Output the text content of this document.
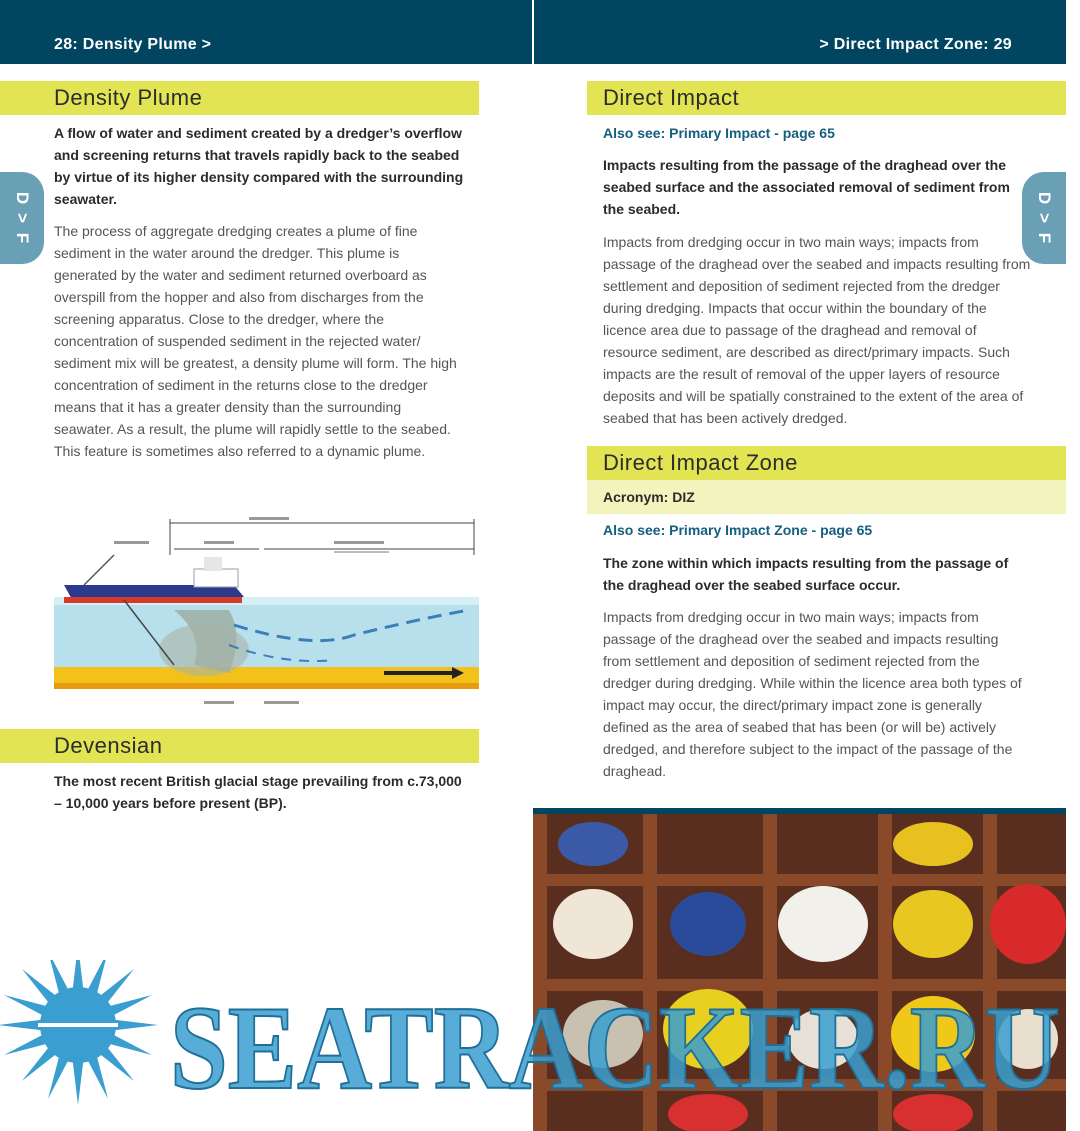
28: Density Plume >	> Direct Impact Zone: 29
D
>
F
D
>
F
Density Plume
A flow of water and sediment created by a dredger’s overflow and screening returns that travels rapidly back to the seabed by virtue of its higher density compared with the surrounding seawater.
The process of aggregate dredging creates a plume of fine sediment in the water around the dredger. This plume is generated by the water and sediment returned overboard as overspill from the hopper and also from discharges from the screening apparatus. Close to the dredger, where the concentration of suspended sediment in the rejected water/ sediment mix will be greatest, a density plume will form. The high concentration of sediment in the returns close to the dredger means that it has a greater density than the surrounding seawater. As a result, the plume will rapidly settle to the seabed. This feature is sometimes also referred to a dynamic plume.
Devensian
The most recent British glacial stage prevailing from c.73,000 – 10,000 years before present (BP).
Direct Impact
Also see: Primary Impact - page 65
Impacts resulting from the passage of the draghead over the seabed surface and the associated removal of sediment from the seabed.
Impacts from dredging occur in two main ways; impacts from passage of the draghead over the seabed and impacts resulting from settlement and deposition of sediment rejected from the dredger during dredging. Impacts that occur within the boundary of the licence area due to passage of the draghead and removal of resource sediment, are described as direct/primary impacts. Such impacts are the result of removal of the upper layers of resource deposits and will be spatially constrained to the extent of the area of seabed that has been actively dredged.
Direct Impact Zone
Acronym: DIZ
Also see: Primary Impact Zone - page 65
The zone within which impacts resulting from the passage of the draghead over the seabed surface occur.
Impacts from dredging occur in two main ways; impacts from passage of the draghead over the seabed and impacts resulting from settlement and deposition of sediment rejected from the dredger during dredging. While within the licence area both types of impact may occur, the direct/primary impact zone is generally defined as the area of seabed that has been (or will be) actively dredged, and therefore subject to the impact of the passage of the draghead.
SEATRACKER.RU
